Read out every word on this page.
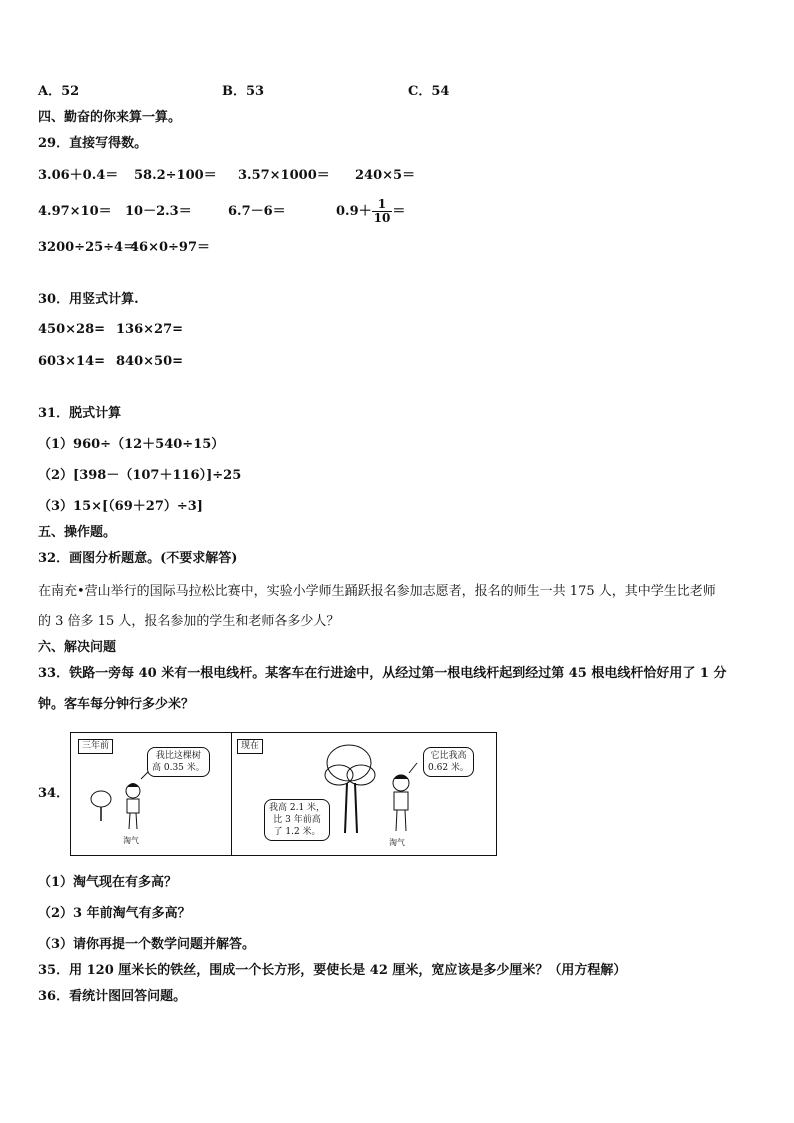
A．52	B．53	C．54
四、勤奋的你来算一算。
29．直接写得数。
3.06＋0.4＝ 58.2÷100＝ 3.57×1000＝ 240×5＝
4.97×10＝ 10－2.3＝	6.7－6＝	$0.9+ \frac{1}{10}$ ＝
3200÷25÷4＝
46×0÷97＝
30．用竖式计算.
450×28= 136×27=
603×14= 840×50=
31．脱式计算
（1）960÷（12＋540÷15）
（2）[398－（107＋116）]÷25
（3）15×[（69＋27）÷3]
五、操作题。
32．画图分析题意。(不要求解答)
在南充•营山举行的国际马拉松比赛中，实验小学师生踊跃报名参加志愿者，报名的师生一共 175 人，其中学生比老师
的 3 倍多 15 人，报名参加的学生和老师各多少人？
六、解决问题
33．铁路一旁每 40 米有一根电线杆。某客车在行进途中，从经过第一根电线杆起到经过第 45 根电线杆恰好用了 1 分
钟。客车每分钟行多少米？
34．
三年前	现在
我比这棵树
高 0.35 米。
淘气
它比我高
0.62 米。
我高 2.1 米，
比 3 年前高
了 1.2 米。
淘气
（1）淘气现在有多高？
（2）3 年前淘气有多高？
（3）请你再提一个数学问题并解答。
35．用 120 厘米长的铁丝，围成一个长方形，要使长是 42 厘米，宽应该是多少厘米？（用方程解）
36．看统计图回答问题。
